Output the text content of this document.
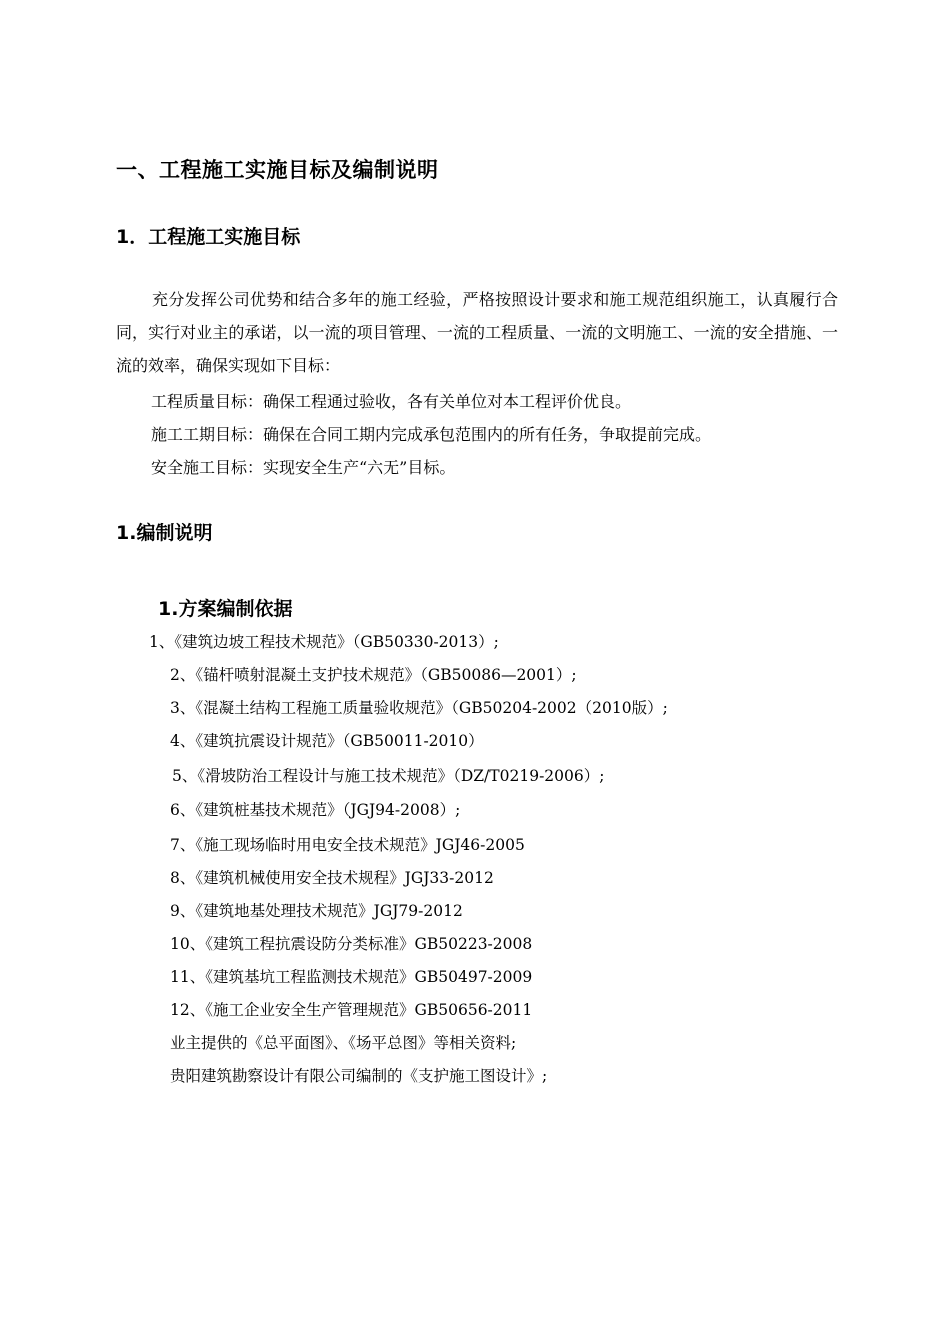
一、工程施工实施目标及编制说明
1．工程施工实施目标
充分发挥公司优势和结合多年的施工经验，严格按照设计要求和施工规范组织施工，认真履行合同，实行对业主的承诺，以一流的项目管理、一流的工程质量、一流的文明施工、一流的安全措施、一流的效率，确保实现如下目标：
工程质量目标：确保工程通过验收，各有关单位对本工程评价优良。
施工工期目标：确保在合同工期内完成承包范围内的所有任务，争取提前完成。
安全施工目标：实现安全生产“六无”目标。
1.编制说明
1.方案编制依据
1、《建筑边坡工程技术规范》（GB50330-2013）;
2、《锚杆喷射混凝土支护技术规范》（GB50086—2001）;
3、《混凝土结构工程施工质量验收规范》（GB50204-2002（2010版）;
4、《建筑抗震设计规范》（GB50011-2010）
5、《滑坡防治工程设计与施工技术规范》（DZ/T0219-2006）;
6、《建筑桩基技术规范》（JGJ94-2008）;
7、《施工现场临时用电安全技术规范》JGJ46-2005
8、《建筑机械使用安全技术规程》JGJ33-2012
9、《建筑地基处理技术规范》JGJ79-2012
10、《建筑工程抗震设防分类标准》GB50223-2008
11、《建筑基坑工程监测技术规范》GB50497-2009
12、《施工企业安全生产管理规范》GB50656-2011
业主提供的《总平面图》、《场平总图》等相关资料;
贵阳建筑勘察设计有限公司编制的《支护施工图设计》;
